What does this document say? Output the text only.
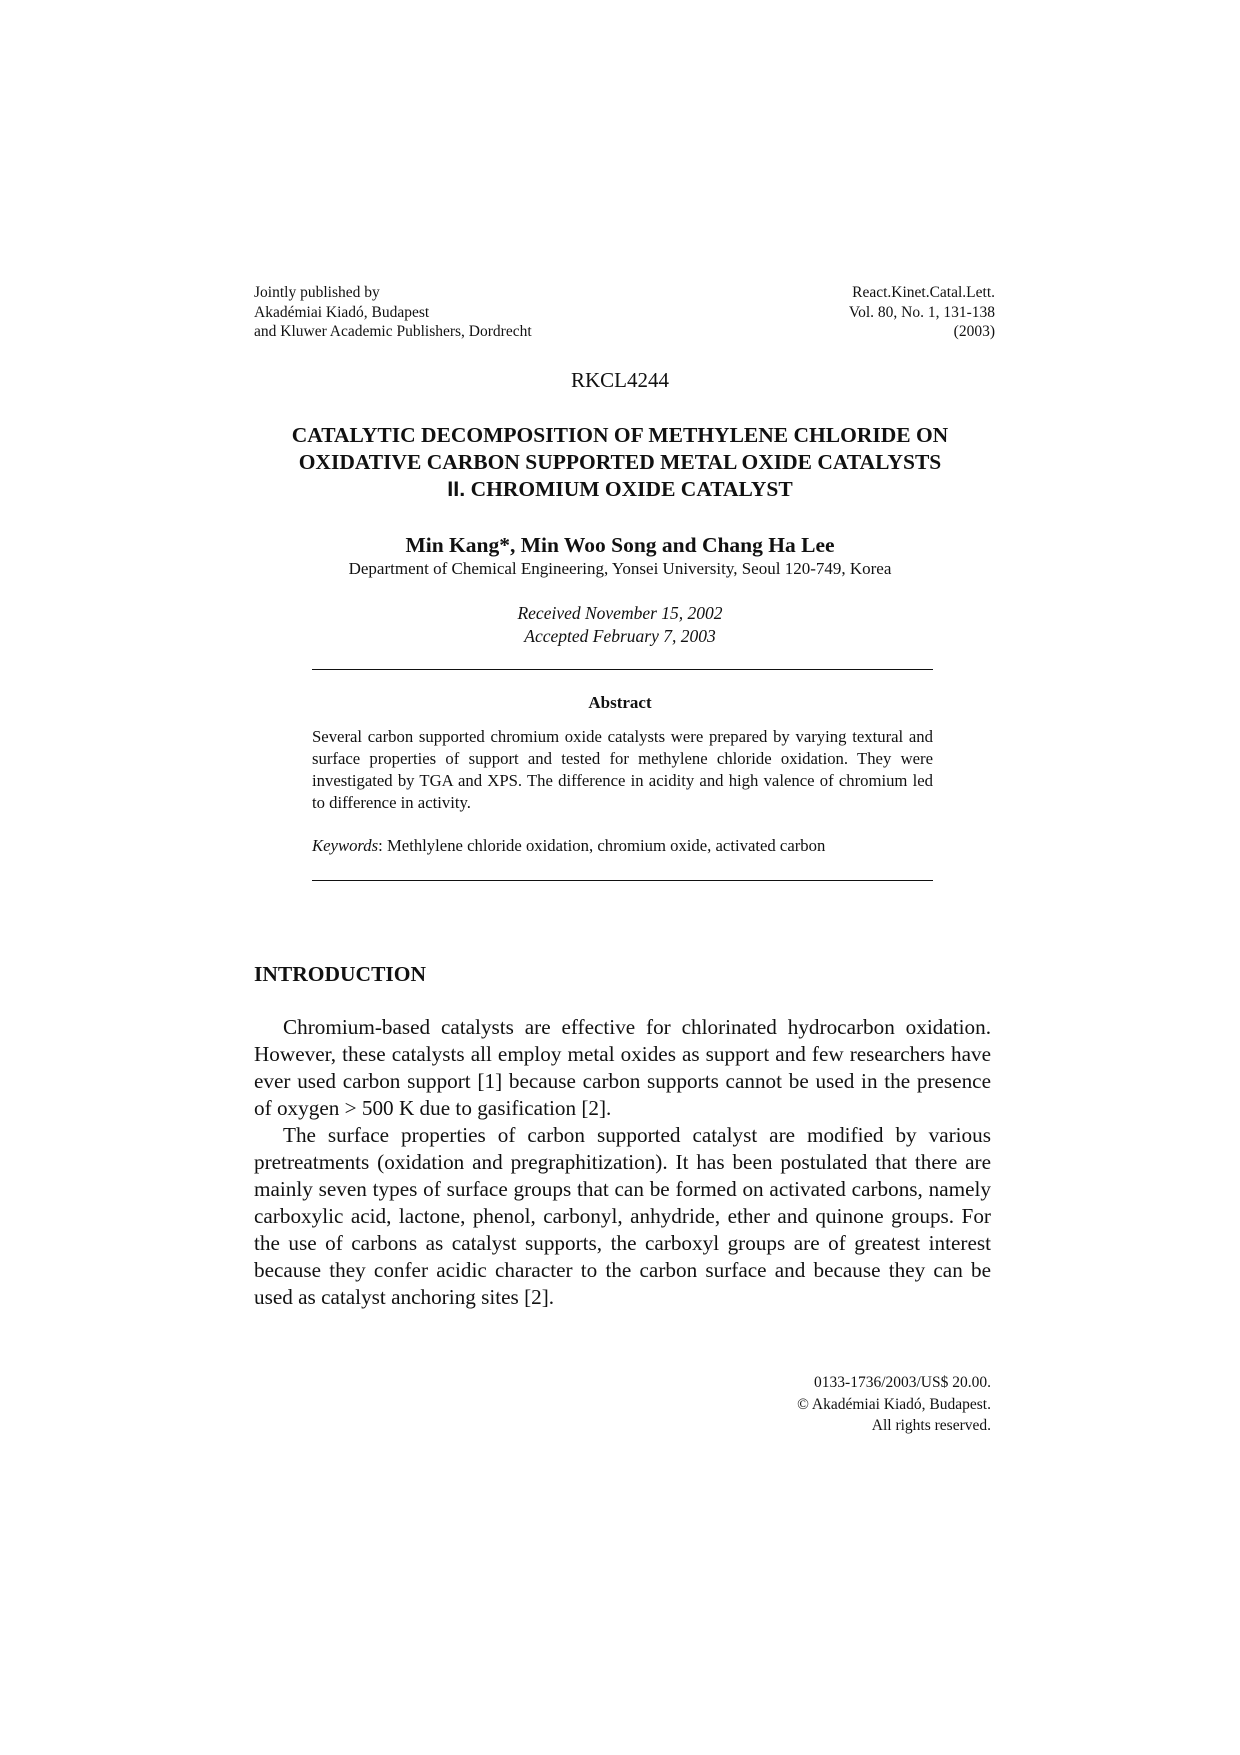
Jointly published by
Akadémiai Kiadó, Budapest
and Kluwer Academic Publishers, Dordrecht
React.Kinet.Catal.Lett.
Vol. 80, No. 1, 131-138
(2003)
RKCL4244
CATALYTIC DECOMPOSITION OF METHYLENE CHLORIDE ON
OXIDATIVE CARBON SUPPORTED METAL OXIDE CATALYSTS
II. CHROMIUM OXIDE CATALYST
Min Kang*, Min Woo Song and Chang Ha Lee
Department of Chemical Engineering, Yonsei University, Seoul 120-749, Korea
Received November 15, 2002
Accepted February 7, 2003
Abstract
Several carbon supported chromium oxide catalysts were prepared by varying textural and surface properties of support and tested for methylene chloride oxidation. They were investigated by TGA and XPS. The difference in acidity and high valence of chromium led to difference in activity.
Keywords: Methlylene chloride oxidation, chromium oxide, activated carbon
INTRODUCTION

Chromium-based catalysts are effective for chlorinated hydrocarbon oxidation. However, these catalysts all employ metal oxides as support and few researchers have ever used carbon support [1] because carbon supports cannot be used in the presence of oxygen > 500 K due to gasification [2].

The surface properties of carbon supported catalyst are modified by various pretreatments (oxidation and pregraphitization). It has been postulated that there are mainly seven types of surface groups that can be formed on activated carbons, namely carboxylic acid, lactone, phenol, carbonyl, anhydride, ether and quinone groups. For the use of carbons as catalyst supports, the carboxyl groups are of greatest interest because they confer acidic character to the carbon surface and because they can be used as catalyst anchoring sites [2].

0133-1736/2003/US$ 20.00.
© Akadémiai Kiadó, Budapest.
All rights reserved.
